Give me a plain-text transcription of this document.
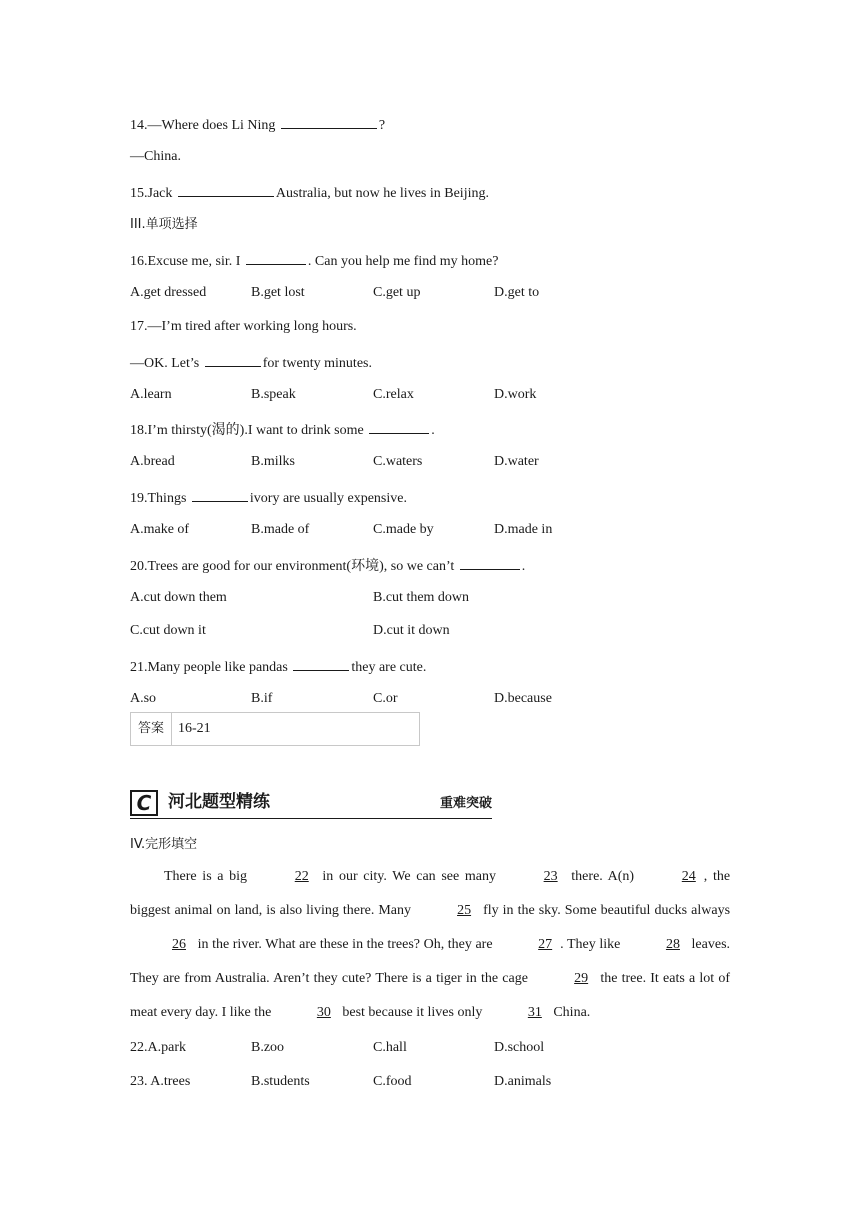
14.—Where does Li Ning	?
—China.
15.Jack	Australia, but now he lives in Beijing.
III.单项选择
16.Excuse me, sir. I	. Can you help me find my home?
A.get dressed	B.get lost	C.get up	D.get to
17.—I’m tired after working long hours.
—OK. Let’s	for twenty minutes.
A.learn	B.speak	C.relax	D.work
18.I’m thirsty(渴的).I want to drink some	.
A.bread	B.milks	C.waters	D.water
19.Things	ivory are usually expensive.
A.make of	B.made of	C.made by	D.made in
20.Trees are good for our environment(环境), so we can’t	.
A.cut down them	B.cut them down
C.cut down it	D.cut it down
21.Many people like pandas	they are cute.
A.so	B.if	C.or	D.because
答案	16-21
C 河北题型精练	重难突破
IV.完形填空

There is a big	22 in our city. We can see many	23 there. A(n)	24 , the biggest animal on land, is also living there. Many	25 fly in the sky. Some beautiful ducks always 26 in the river. What are these in the trees? Oh, they are	27 . They like	28 leaves. They are from Australia. Aren’t they cute? There is a tiger in the cage	29 the tree. It eats a lot of meat every day. I like the	30 best because it lives only	31 China.

22.A.park	B.zoo	C.hall	D.school
23. A.trees	B.students	C.food	D.animals
